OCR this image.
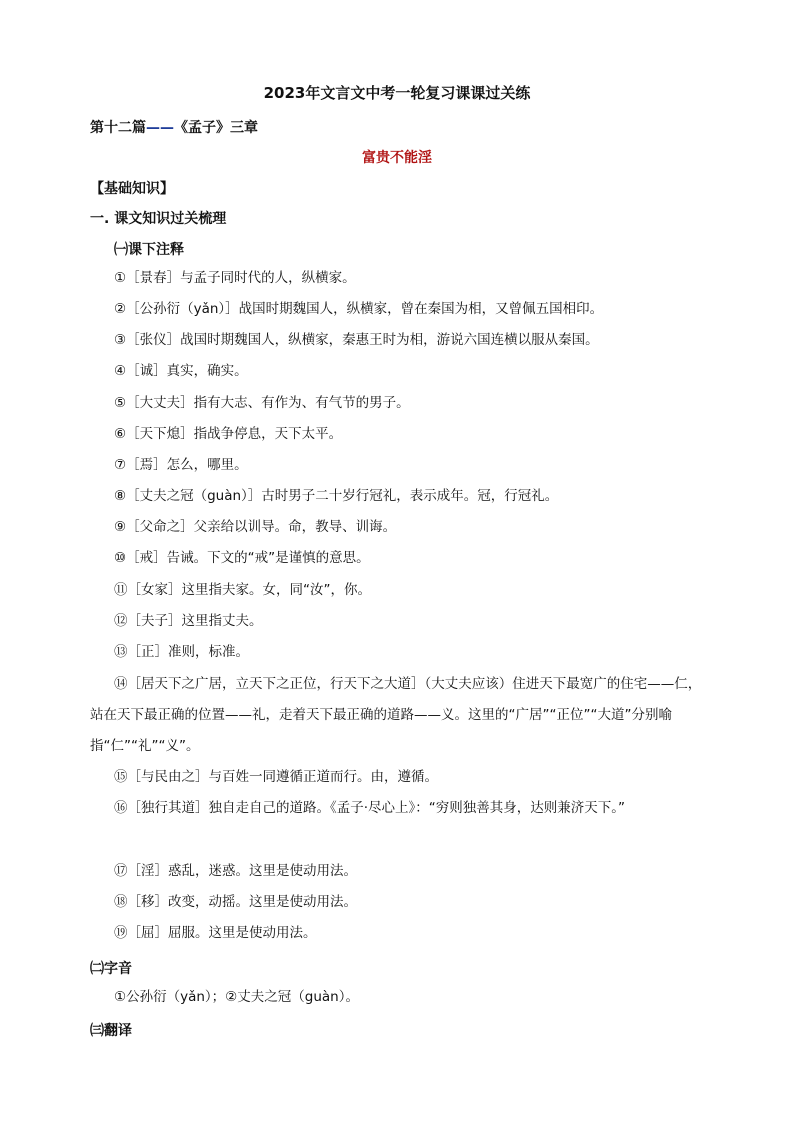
2023年文言文中考一轮复习课课过关练
第十二篇——《孟子》三章
富贵不能淫
【基础知识】
一. 课文知识过关梳理
㈠课下注释
①［景春］与孟子同时代的人，纵横家。
②［公孙衍（yǎn）］战国时期魏国人，纵横家，曾在秦国为相，又曾佩五国相印。
③［张仪］战国时期魏国人，纵横家，秦惠王时为相，游说六国连横以服从秦国。
④［诚］真实，确实。
⑤［大丈夫］指有大志、有作为、有气节的男子。
⑥［天下熄］指战争停息，天下太平。
⑦［焉］怎么，哪里。
⑧［丈夫之冠（guàn）］古时男子二十岁行冠礼，表示成年。冠，行冠礼。
⑨［父命之］父亲给以训导。命，教导、训诲。
⑩［戒］告诫。下文的“戒”是谨慎的意思。
⑪［女家］这里指夫家。女，同“汝”，你。
⑫［夫子］这里指丈夫。
⑬［正］准则，标准。
⑭［居天下之广居，立天下之正位，行天下之大道］（大丈夫应该）住进天下最宽广的住宅——仁，站在天下最正确的位置——礼，走着天下最正确的道路——义。这里的“广居”“正位”“大道”分别喻指“仁”“礼”“义”。
⑮［与民由之］与百姓一同遵循正道而行。由，遵循。
⑯［独行其道］独自走自己的道路。《孟子·尽心上》：“穷则独善其身，达则兼济天下。”
⑰［淫］惑乱，迷惑。这里是使动用法。
⑱［移］改变，动摇。这里是使动用法。
⑲［屈］屈服。这里是使动用法。
㈡字音
①公孙衍（yǎn）；②丈夫之冠（guàn）。
㈢翻译
